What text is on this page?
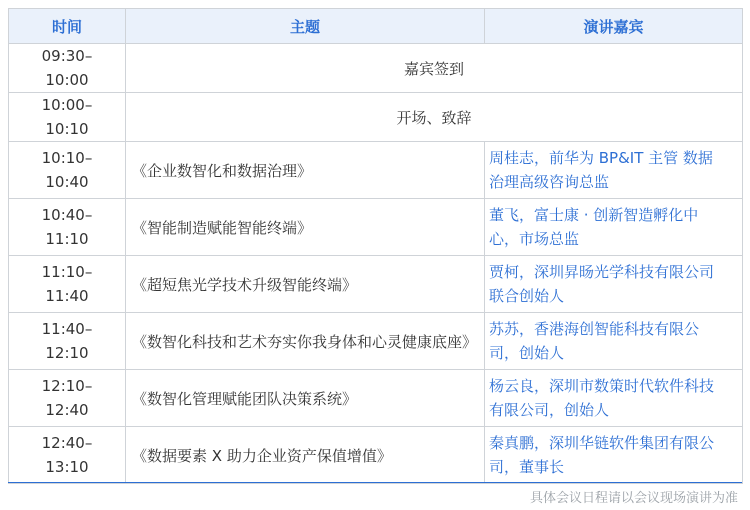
时间	主题	演讲嘉宾

09:30–
10:00	嘉宾签到	

10:00–
10:10	开场、致辞	

10:10–
10:40	《企业数智化和数据治理》	周桂志，前华为 BP&IT 主管 数据
治理高级咨询总监

10:40–
11:10	《智能制造赋能智能终端》	董飞，富士康 · 创新智造孵化中
心，市场总监

11:10–
11:40	《超短焦光学技术升级智能终端》	贾柯，深圳昇旸光学科技有限公司
联合创始人

11:40–
12:10	《数智化科技和艺术夯实你我身体和心灵健康底座》	苏苏，香港海创智能科技有限公
司，创始人

12:10–
12:40	《数智化管理赋能团队决策系统》	杨云良，深圳市数策时代软件科技
有限公司，创始人

12:40–
13:10	《数据要素 X 助力企业资产保值增值》	秦真鹏，深圳华链软件集团有限公
司，董事长
具体会议日程请以会议现场演讲为准
